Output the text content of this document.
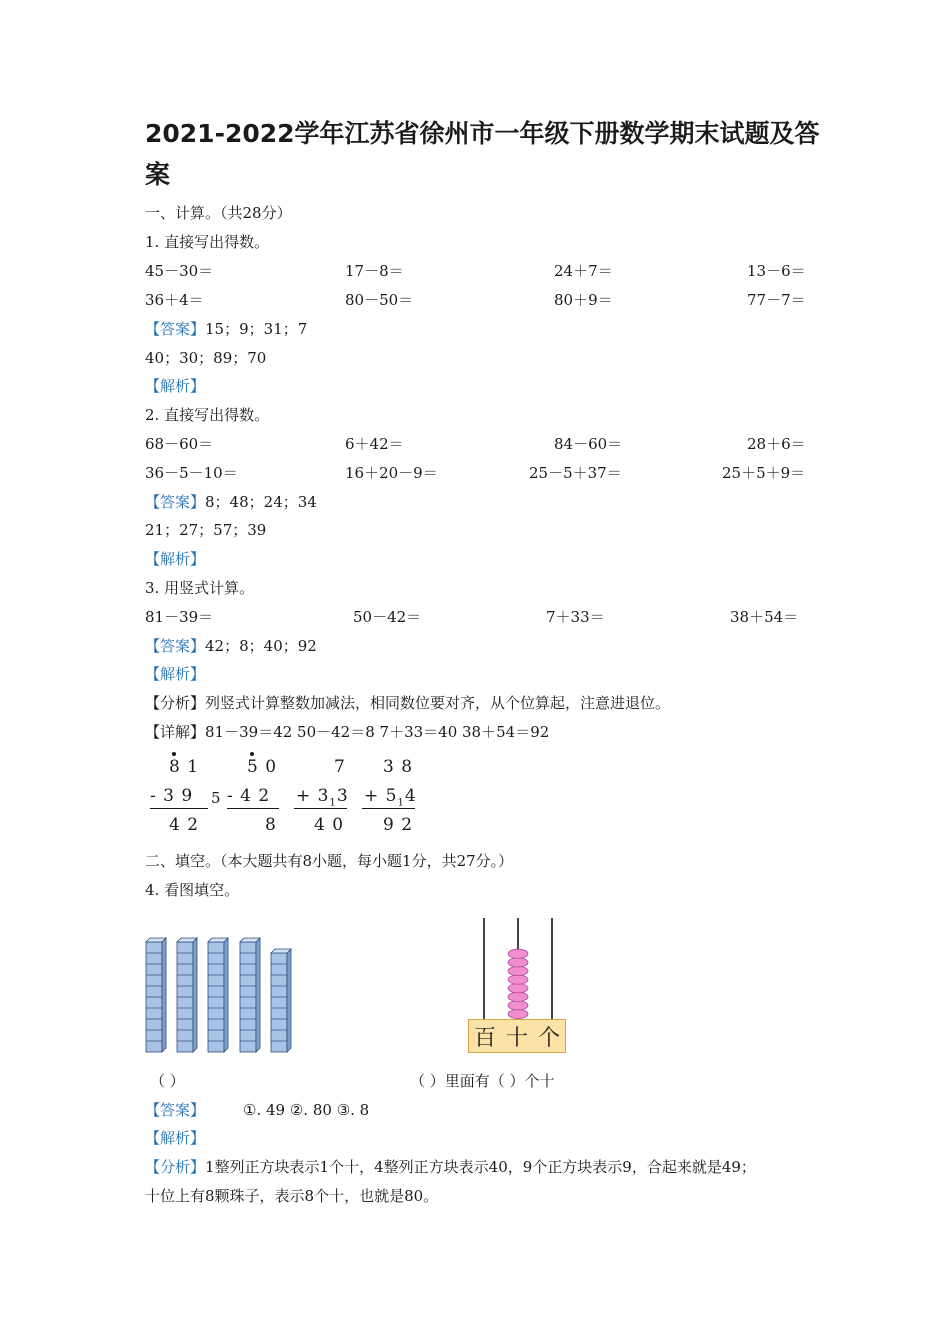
2021-2022学年江苏省徐州市一年级下册数学期末试题及答
案
一、计算。（共28分）
1. 直接写出得数。
45－30＝	17－8＝	24＋7＝	13－6＝
36＋4＝	80－50＝	80＋9＝	77－7＝
【答案】15；9；31；7
40；30；89；70
【解析】
2. 直接写出得数。
68－60＝	6＋42＝	84－60＝	28＋6＝
36－5－10＝	16＋20－9＝	25－5＋37＝	25＋5＋9＝
【答案】8；48；24；34
21；27；57；39
【解析】
3. 用竖式计算。
81－39＝	50－42＝	7＋33＝	38＋54＝
【答案】42；8；40；92
【解析】
【分析】列竖式计算整数加减法，相同数位要对齐，从个位算起，注意进退位。
【详解】81－39＝42 50－42＝8 7＋33＝40 38＋54＝92
8 1
- 3 9 5
4 2
5 0
- 4 2
8
7
+ $3_13$
4 0
3 8
+ $5_14$
9 2
二、填空。（本大题共有8小题，每小题1分，共27分。）
4. 看图填空。
百 十 个
（ ）	（ ）里面有（ ）个十
【答案】	①. 49 ②. 80 ③. 8
【解析】
【分析】1整列正方块表示1个十，4整列正方块表示40，9个正方块表示9，合起来就是49；
十位上有8颗珠子，表示8个十，也就是80。
